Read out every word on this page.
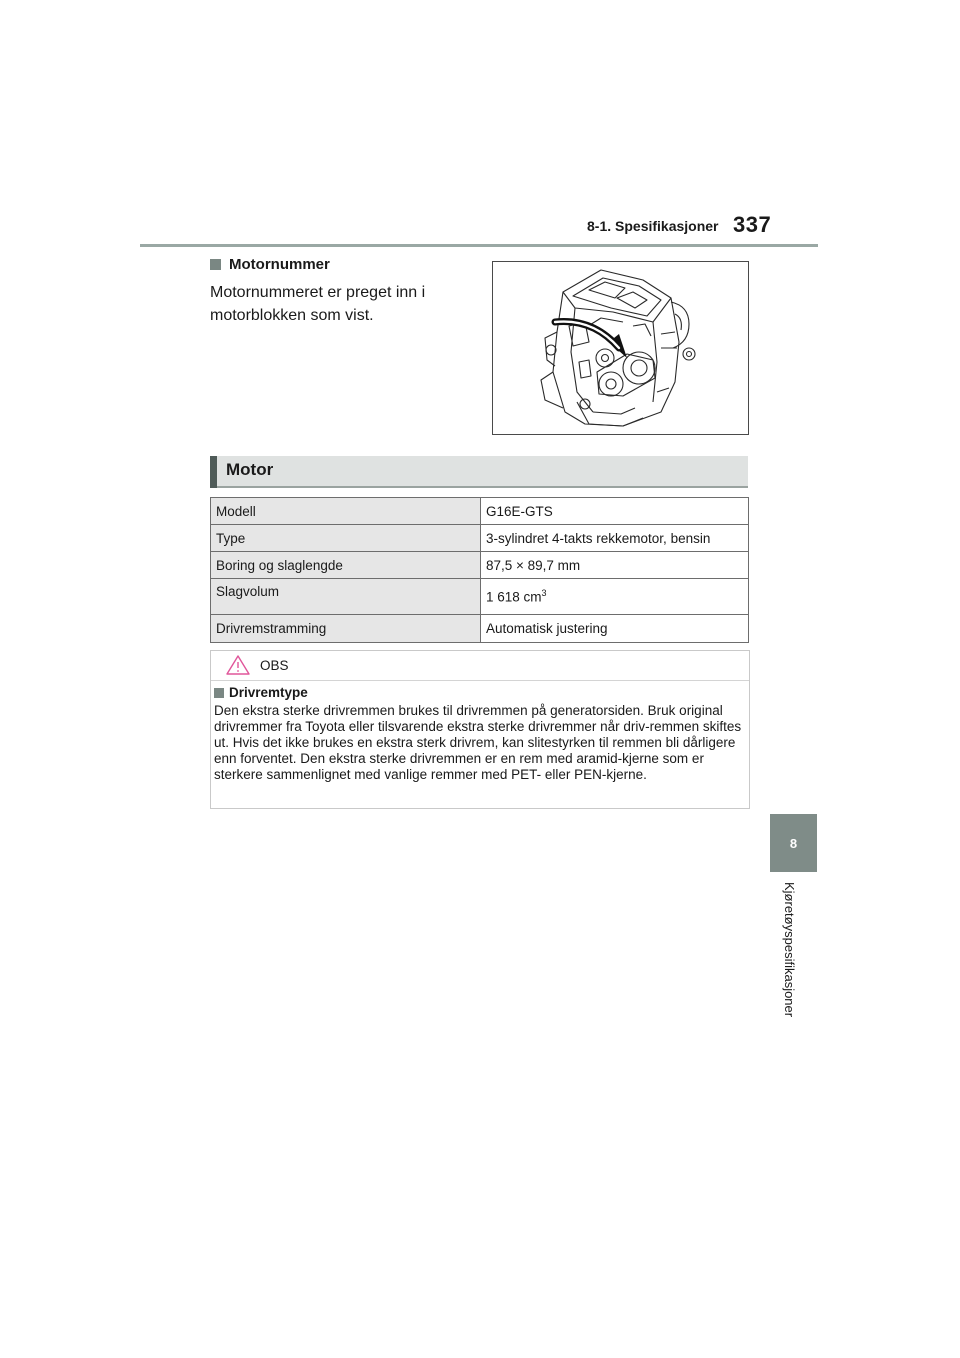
8-1. Spesifikasjoner 337
8
Kjøretøyspesifikasjoner
Motornummer
Motornummeret er preget inn i motorblokken som vist.
Motor
Modell	G16E-GTS
Type	3-sylindret 4-takts rekkemotor, bensin
Boring og slaglengde	87,5 × 89,7 mm
Slagvolum	1 618 $cm^3$
Drivremstramming	Automatisk justering
OBS
Drivremtype
Den ekstra sterke drivremmen brukes til drivremmen på generatorsiden. Bruk original drivremmer fra Toyota eller tilsvarende ekstra sterke drivremmer når driv-remmen skiftes ut. Hvis det ikke brukes en ekstra sterk drivrem, kan slitestyrken til remmen bli dårligere enn forventet. Den ekstra sterke drivremmen er en rem med aramid-kjerne som er sterkere sammenlignet med vanlige remmer med PET- eller PEN-kjerne.
